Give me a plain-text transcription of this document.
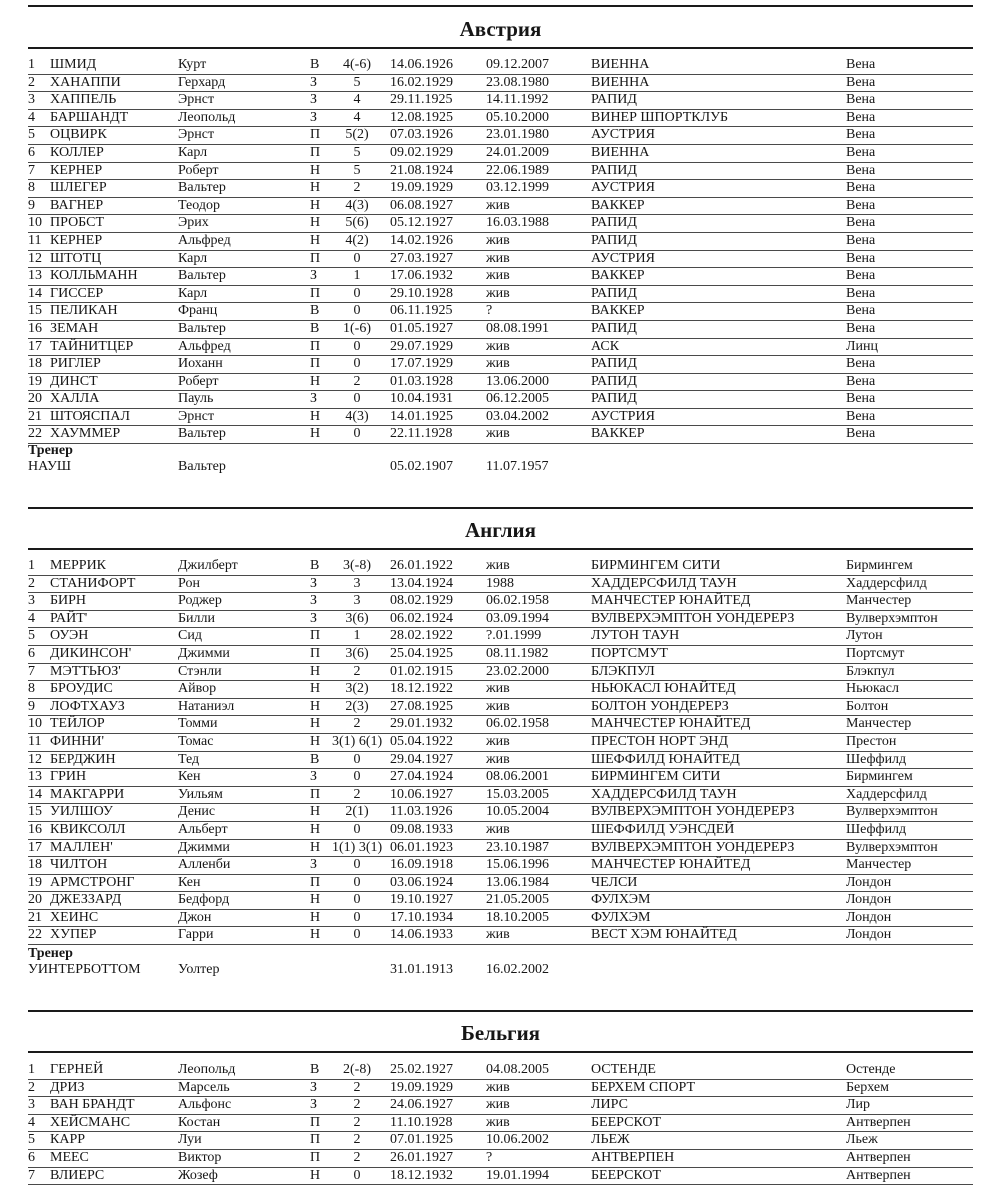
Австрия
1	ШМИД	Курт	В	4(-6)	14.06.1926 09.12.2007	ВИЕННА	Вена
2	ХАНАППИ	Герхард	З	5	16.02.1929 23.08.1980	ВИЕННА	Вена
3	ХАППЕЛЬ	Эрнст	З	4	29.11.1925 14.11.1992	РАПИД	Вена
4	БАРШАНДТ	Леопольд	З	4	12.08.1925 05.10.2000	ВИНЕР ШПОРТКЛУБ	Вена
5	ОЦВИРК	Эрнст	П	5(2)	07.03.1926 23.01.1980	АУСТРИЯ	Вена
6	КОЛЛЕР	Карл	П	5	09.02.1929 24.01.2009	ВИЕННА	Вена
7	КЕРНЕР	Роберт	Н	5	21.08.1924 22.06.1989	РАПИД	Вена
8	ШЛЕГЕР	Вальтер	Н	2	19.09.1929 03.12.1999	АУСТРИЯ	Вена
9	ВАГНЕР	Теодор	Н	4(3)	06.08.1927 жив	ВАККЕР	Вена
10 ПРОБСТ	Эрих	Н	5(6)	05.12.1927 16.03.1988	РАПИД	Вена
11 КЕРНЕР	Альфред	Н	4(2)	14.02.1926 жив	РАПИД	Вена
12 ШТОТЦ	Карл	П	0	27.03.1927 жив	АУСТРИЯ	Вена
13 КОЛЛЬМАНН	Вальтер	З	1	17.06.1932 жив	ВАККЕР	Вена
14 ГИССЕР	Карл	П	0	29.10.1928 жив	РАПИД	Вена
15 ПЕЛИКАН	Франц	В	0	06.11.1925 ?	ВАККЕР	Вена
16 ЗЕМАН	Вальтер	В	1(-6)	01.05.1927 08.08.1991	РАПИД	Вена
17 ТАЙНИТЦЕР	Альфред	П	0	29.07.1929 жив	АСК	Линц
18 РИГЛЕР	Иоханн	П	0	17.07.1929 жив	РАПИД	Вена
19 ДИНСТ	Роберт	Н	2	01.03.1928 13.06.2000	РАПИД	Вена
20 ХАЛЛА	Пауль	З	0	10.04.1931 06.12.2005	РАПИД	Вена
21 ШТОЯСПАЛ	Эрнст	Н	4(3)	14.01.1925 03.04.2002	АУСТРИЯ	Вена
22 ХАУММЕР	Вальтер	Н	0	22.11.1928 жив	ВАККЕР	Вена
Тренер
НАУШ	Вальтер	05.02.1907 11.07.1957
Англия
1	МЕРРИК	Джилберт	В	3(-8)	26.01.1922 жив	БИРМИНГЕМ СИТИ	Бирмингем
2	СТАНИФОРТ	Рон	З	3	13.04.1924 1988	ХАДДЕРСФИЛД ТАУН	Хаддерсфилд
3	БИРН	Роджер	З	3	08.02.1929 06.02.1958	МАНЧЕСТЕР ЮНАЙТЕД	Манчестер
4	РАЙТ'	Билли	З	3(6)	06.02.1924 03.09.1994	ВУЛВЕРХЭМПТОН УОНДЕРЕРЗ	Вулверхэмптон
5	ОУЭН	Сид	П	1	28.02.1922 ?.01.1999	ЛУТОН ТАУН	Лутон
6	ДИКИНСОН'	Джимми	П	3(6)	25.04.1925 08.11.1982	ПОРТСМУТ	Портсмут
7	МЭТТЬЮЗ'	Стэнли	Н	2	01.02.1915 23.02.2000	БЛЭКПУЛ	Блэкпул
8	БРОУДИС	Айвор	Н	3(2)	18.12.1922 жив	НЬЮКАСЛ ЮНАЙТЕД	Ньюкасл
9	ЛОФТХАУЗ	Натаниэл	Н	2(3)	27.08.1925 жив	БОЛТОН УОНДЕРЕРЗ	Болтон
10 ТЕЙЛОР	Томми	Н	2	29.01.1932 06.02.1958	МАНЧЕСТЕР ЮНАЙТЕД	Манчестер
11 ФИННИ'	Томас	Н 3(1) 6(1) 05.04.1922 жив	ПРЕСТОН НОРТ ЭНД	Престон
12 БЕРДЖИН	Тед	В	0	29.04.1927 жив	ШЕФФИЛД ЮНАЙТЕД	Шеффилд
13 ГРИН	Кен	З	0	27.04.1924 08.06.2001	БИРМИНГЕМ СИТИ	Бирмингем
14 МАКГАРРИ	Уильям	П	2	10.06.1927 15.03.2005	ХАДДЕРСФИЛД ТАУН	Хаддерсфилд
15 УИЛШОУ	Денис	Н	2(1)	11.03.1926 10.05.2004	ВУЛВЕРХЭМПТОН УОНДЕРЕРЗ	Вулверхэмптон
16 КВИКСОЛЛ	Альберт	Н	0	09.08.1933 жив	ШЕФФИЛД УЭНСДЕЙ	Шеффилд
17 МАЛЛЕН'	Джимми	Н 1(1) 3(1) 06.01.1923 23.10.1987	ВУЛВЕРХЭМПТОН УОНДЕРЕРЗ	Вулверхэмптон
18 ЧИЛТОН	Алленби	З	0	16.09.1918 15.06.1996	МАНЧЕСТЕР ЮНАЙТЕД	Манчестер
19 АРМСТРОНГ	Кен	П	0	03.06.1924 13.06.1984	ЧЕЛСИ	Лондон
20 ДЖЕЗЗАРД	Бедфорд	Н	0	19.10.1927 21.05.2005	ФУЛХЭМ	Лондон
21 ХЕИНС	Джон	Н	0	17.10.1934 18.10.2005	ФУЛХЭМ	Лондон
22 ХУПЕР	Гарри	Н	0	14.06.1933 жив	ВЕСТ ХЭМ ЮНАЙТЕД	Лондон
Тренер
УИНТЕРБОТТОМ	Уолтер	31.01.1913 16.02.2002
Бельгия
1	ГЕРНЕЙ	Леопольд	В	2(-8)	25.02.1927 04.08.2005	ОСТЕНДЕ	Остенде
2	ДРИЗ	Марсель	З	2	19.09.1929 жив	БЕРХЕМ СПОРТ	Берхем
3	ВАН БРАНДТ	Альфонс	З	2	24.06.1927 жив	ЛИРС	Лир
4	ХЕЙСМАНС	Костан	П	2	11.10.1928 жив	БЕЕРСКОТ	Антверпен
5	КАРР	Луи	П	2	07.01.1925 10.06.2002	ЛЬЕЖ	Льеж
6	МЕЕС	Виктор	П	2	26.01.1927 ?	АНТВЕРПЕН	Антверпен
7	ВЛИЕРС	Жозеф	Н	0	18.12.1932 19.01.1994	БЕЕРСКОТ	Антверпен
